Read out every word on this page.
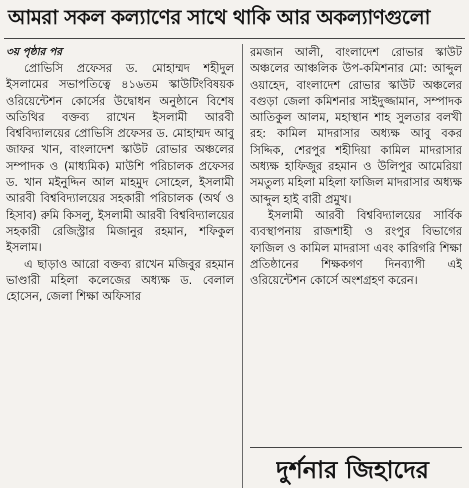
আমরা সকল কল্যাণের সাথে থাকি আর অকল্যাণগুলো
৩য় পৃষ্ঠার পর

প্রোভিসি প্রফেসর ড. মোহাম্মদ শহীদুল ইসলামের সভাপতিত্বে ৪১৬তম স্কাউটিংবিষয়ক ওরিয়েন্টেশন কোর্সের উদ্বোধন অনুষ্ঠানে বিশেষ অতিথির বক্তব্য রাখেন ইসলামী আরবী বিশ্ববিদ্যালয়ের প্রোভিসি প্রফেসর ড. মোহাম্মদ আবু জাফর খান, বাংলাদেশ স্কাউট রোভার অঞ্চলের সম্পাদক ও (মাধ্যমিক) মাউশি পরিচালক প্রফেসর ড. খান মইনুদ্দিন আল মাহমুদ সোহেল, ইসলামী আরবী বিশ্ববিদ্যালয়ের সহকারী পরিচালক (অর্থ ও হিসাব) রুমি কিসলু, ইসলামী আরবী বিশ্ববিদ্যালয়ের সহকারী রেজিস্ট্রার মিজানুর রহমান, শফিকুল ইসলাম।

এ ছাড়াও আরো বক্তব্য রাখেন মজিবুর রহমান ভাণ্ডারী মহিলা কলেজের অধ্যক্ষ ড. বেলাল হোসেন, জেলা শিক্ষা অফিসার

রমজান আলী, বাংলাদেশ রোভার স্কাউট অঞ্চলের আঞ্চলিক উপ-কমিশনার মো: আব্দুল ওয়াহেদ, বাংলাদেশ রোভার স্কাউট অঞ্চলের বগুড়া জেলা কমিশনার সাইদুজ্জামান, সম্পাদক আতিকুল আলম, মহাস্থান শাহ সুলতার বলখী রহ: কামিল মাদরাসার অধ্যক্ষ আবু বকর সিদ্দিক, শেরপুর শহীদিয়া কামিল মাদরাসার অধ্যক্ষ হাফিজুর রহমান ও উলিপুর আমেরিয়া সমতুল্য মহিলা মহিলা ফাজিল মাদরাসার অধ্যক্ষ আব্দুল হাই বারী প্রমুখ।

ইসলামী আরবী বিশ্ববিদ্যালয়ের সার্বিক ব্যবস্থাপনায় রাজশাহী ও রংপুর বিভাগের ফাজিল ও কামিল মাদরাসা এবং কারিগরি শিক্ষা প্রতিষ্ঠানের শিক্ষকগণ দিনব্যাপী এই ওরিয়েন্টেশন কোর্সে অংশগ্রহণ করেন।

দুর্শনার জিহাদের
